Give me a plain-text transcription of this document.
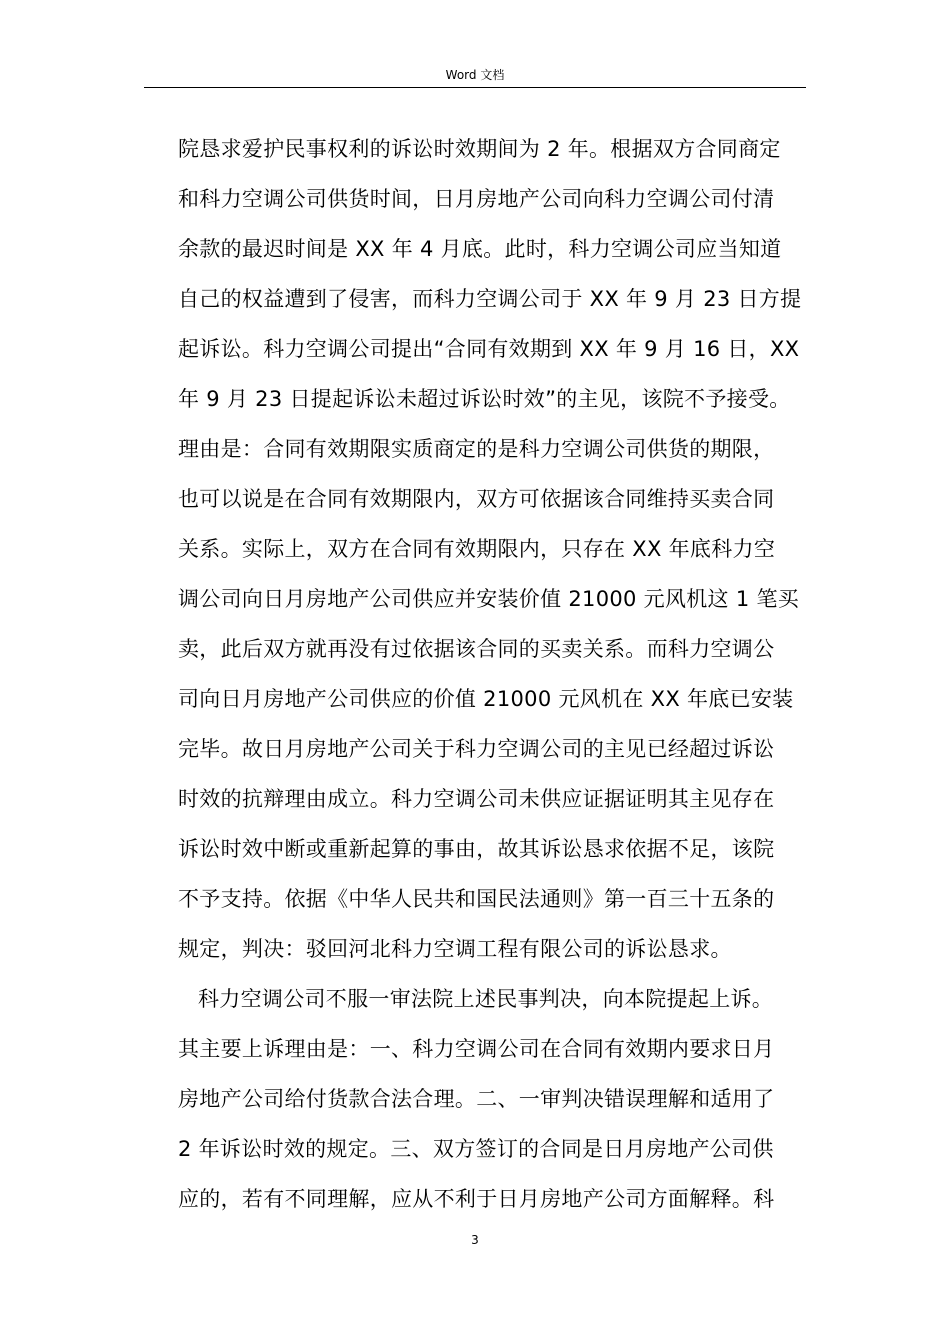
Word 文档
院恳求爱护民事权利的诉讼时效期间为 2 年。根据双方合同商定
和科力空调公司供货时间，日月房地产公司向科力空调公司付清
余款的最迟时间是 XX 年 4 月底。此时，科力空调公司应当知道
自己的权益遭到了侵害，而科力空调公司于 XX 年 9 月 23 日方提
起诉讼。科力空调公司提出“合同有效期到 XX 年 9 月 16 日，XX
年 9 月 23 日提起诉讼未超过诉讼时效”的主见，该院不予接受。
理由是：合同有效期限实质商定的是科力空调公司供货的期限，
也可以说是在合同有效期限内，双方可依据该合同维持买卖合同
关系。实际上，双方在合同有效期限内，只存在 XX 年底科力空
调公司向日月房地产公司供应并安装价值 21000 元风机这 1 笔买
卖，此后双方就再没有过依据该合同的买卖关系。而科力空调公
司向日月房地产公司供应的价值 21000 元风机在 XX 年底已安装
完毕。故日月房地产公司关于科力空调公司的主见已经超过诉讼
时效的抗辩理由成立。科力空调公司未供应证据证明其主见存在
诉讼时效中断或重新起算的事由，故其诉讼恳求依据不足，该院
不予支持。依据《中华人民共和国民法通则》第一百三十五条的
规定，判决：驳回河北科力空调工程有限公司的诉讼恳求。
科力空调公司不服一审法院上述民事判决，向本院提起上诉。
其主要上诉理由是：一、科力空调公司在合同有效期内要求日月
房地产公司给付货款合法合理。二、一审判决错误理解和适用了
2 年诉讼时效的规定。三、双方签订的合同是日月房地产公司供
应的，若有不同理解，应从不利于日月房地产公司方面解释。科
3
